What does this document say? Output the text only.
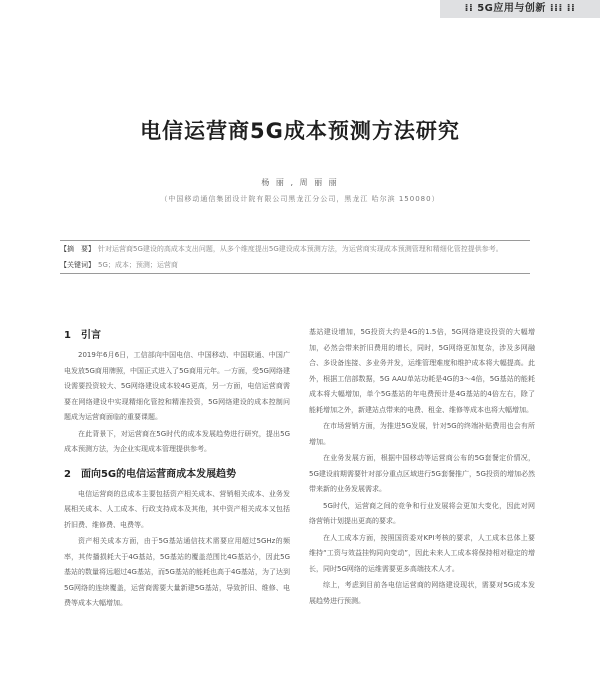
⁞⁞ 5G应用与创新 ⁞⁞⁞ ⁞⁞
电信运营商5G成本预测方法研究
杨 丽 , 周 丽 丽
（中国移动通信集团设计院有限公司黑龙江分公司，黑龙江 哈尔滨 150080）
【摘　要】 针对运营商5G建设的高成本支出问题，从多个维度提出5G建设成本预测方法，为运营商实现成本预测管理和精细化管控提供参考。
【关键词】 5G；成本；预测；运营商
1　引言

2019年6月6日，工信部向中国电信、中国移动、中国联通、中国广电发放5G商用牌照，中国正式进入了5G商用元年。一方面，受5G网络建设需要投资较大、5G网络建设成本较4G更高，另一方面，电信运营商需要在网络建设中实现精细化管控和精准投资，5G网络建设的成本控制问题成为运营商面临的重要课题。

在此背景下，对运营商在5G时代的成本发展趋势进行研究，提出5G成本预测方法，为企业实现成本管理提供参考。

2　面向5G的电信运营商成本发展趋势

电信运营商的总成本主要包括资产相关成本、营销相关成本、业务发展相关成本、人工成本、行政支持成本及其他，其中资产相关成本又包括折旧费、维修费、电费等。

资产相关成本方面，由于5G基站通信技术需要应用超过5GHz的频率，其传播损耗大于4G基站，5G基站的覆盖范围比4G基站小，因此5G基站的数量将远超过4G基站，而5G基站的能耗也高于4G基站，为了达到5G网络的连续覆盖，运营商需要大量新建5G基站，导致折旧、维修、电费等成本大幅增加。

基站建设增加，5G投资大约是4G的1.5倍，5G网络建设投资的大幅增加，必然会带来折旧费用的增长，同时，5G网络更加复杂，涉及多网融合、多设备连接、多业务并发，运维管理难度和维护成本将大幅提高。此外，根据工信部数据，5G AAU单站功耗是4G的3～4倍，5G基站的能耗成本将大幅增加，单个5G基站的年电费预计是4G基站的4倍左右，除了能耗增加之外，新建站点带来的电费、租金、维修等成本也将大幅增加。

在市场营销方面，为推进5G发展，针对5G的终端补贴费用也会有所增加。

在业务发展方面，根据中国移动等运营商公布的5G套餐定价情况，5G建设前期需要针对部分重点区域进行5G套餐推广，5G投资的增加必然带来新的业务发展需求。

5G时代，运营商之间的竞争和行业发展将会更加大变化，因此对网络营销计划提出更高的要求。

在人工成本方面，按照国资委对KPI考核的要求，人工成本总体上要维持“工资与效益挂钩同向变动”，因此未来人工成本将保持相对稳定的增长，同时5G网络的运维需要更多高端技术人才。

综上，考虑到目前各电信运营商的网络建设现状，需要对5G成本发展趋势进行预测。
